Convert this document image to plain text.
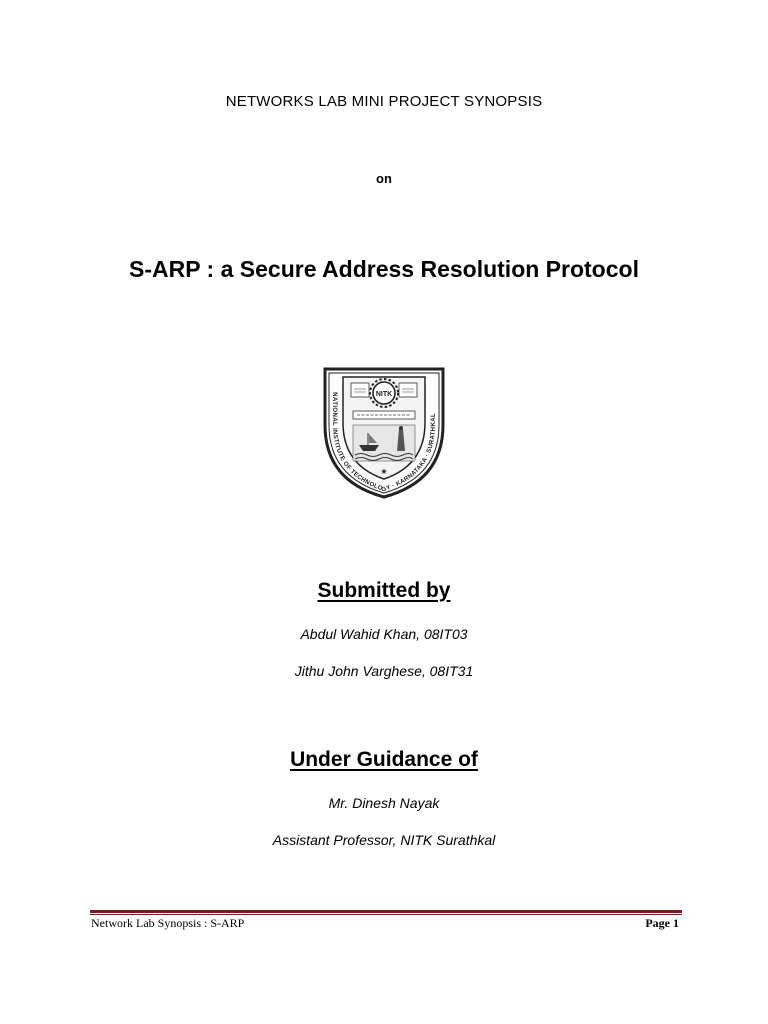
NETWORKS LAB MINI PROJECT SYNOPSIS
on
S-ARP : a Secure Address Resolution Protocol
NATIONAL INSTITUTE OF TECHNOLOGY · KARNATAKA · SURATHKAL
NITK
★
Submitted by
Abdul Wahid Khan, 08IT03
Jithu John Varghese, 08IT31
Under Guidance of
Mr. Dinesh Nayak
Assistant Professor, NITK Surathkal
Network Lab Synopsis : S-ARP	Page 1
